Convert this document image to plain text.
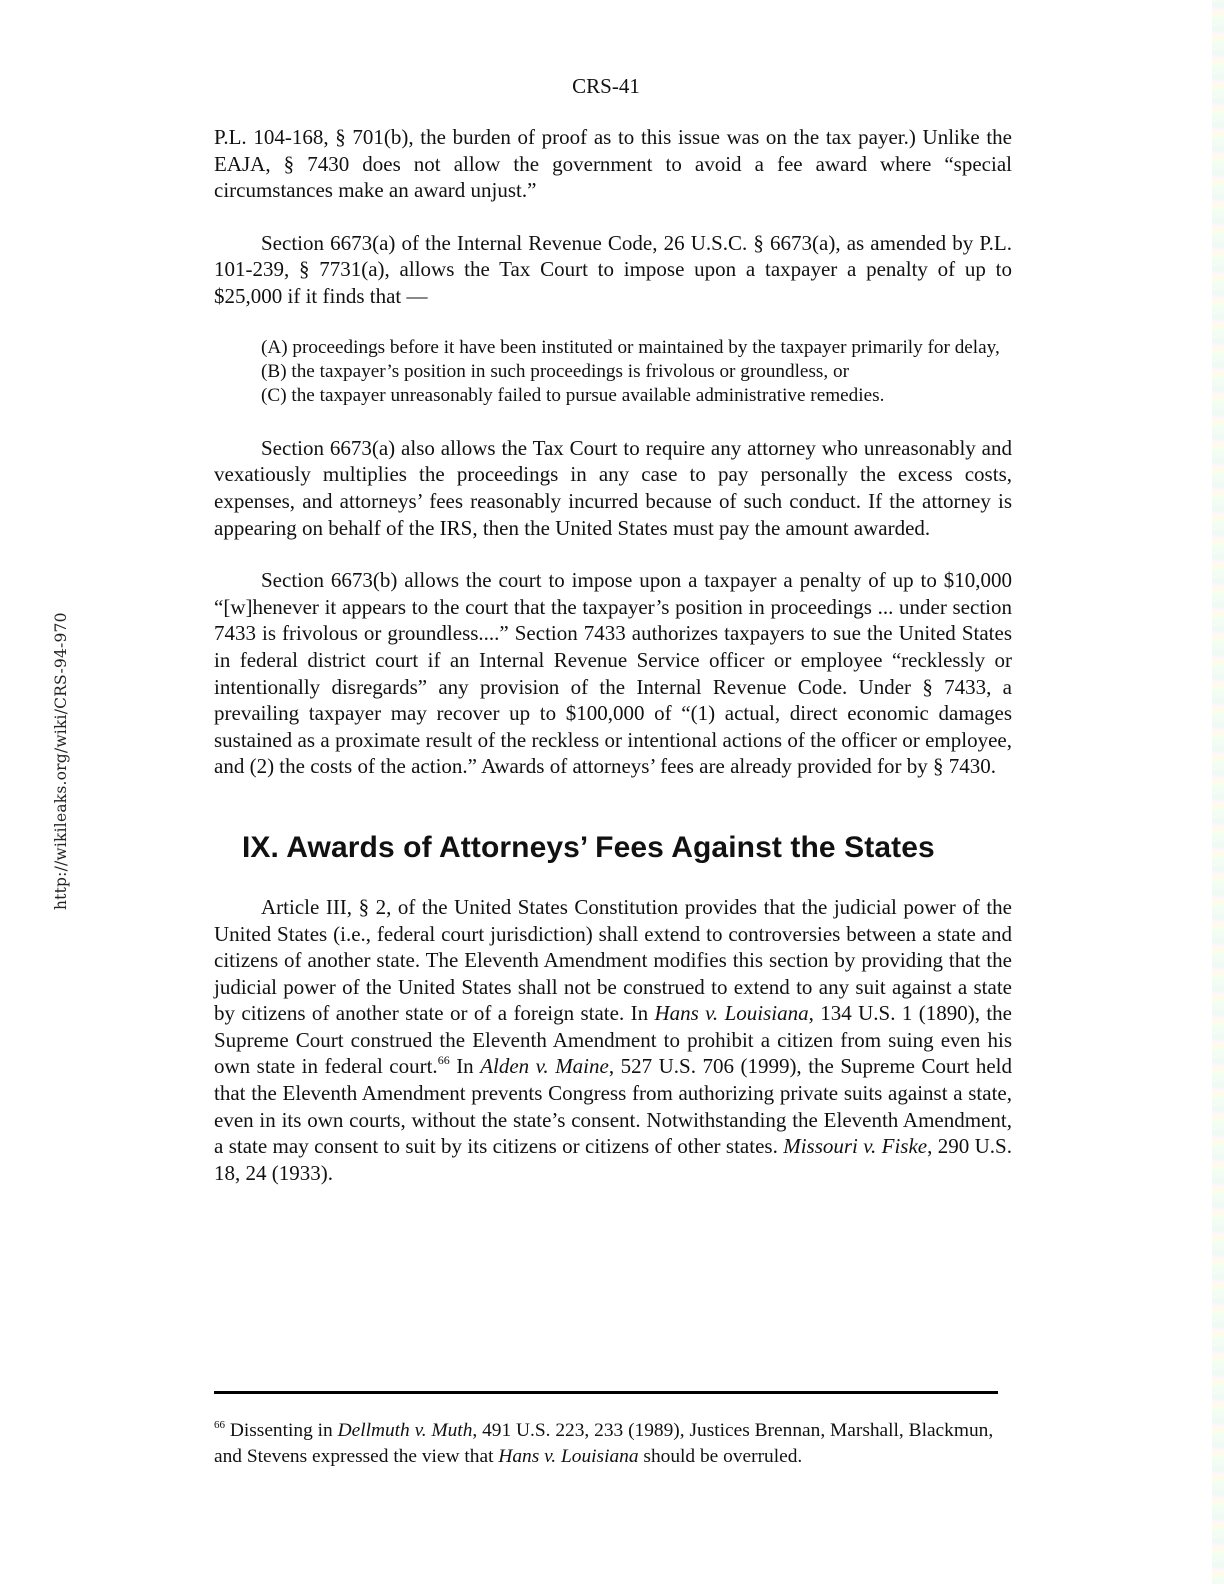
CRS-41
http://wikileaks.org/wiki/CRS-94-970

P.L. 104-168, § 701(b), the burden of proof as to this issue was on the tax payer.) Unlike the EAJA, § 7430 does not allow the government to avoid a fee award where “special circumstances make an award unjust.”

Section 6673(a) of the Internal Revenue Code, 26 U.S.C. § 6673(a), as amended by P.L. 101-239, § 7731(a), allows the Tax Court to impose upon a taxpayer a penalty of up to $25,000 if it finds that —

(A) proceedings before it have been instituted or maintained by the taxpayer primarily for delay,
(B) the taxpayer’s position in such proceedings is frivolous or groundless, or
(C) the taxpayer unreasonably failed to pursue available administrative remedies.

Section 6673(a) also allows the Tax Court to require any attorney who unreasonably and vexatiously multiplies the proceedings in any case to pay personally the excess costs, expenses, and attorneys’ fees reasonably incurred because of such conduct. If the attorney is appearing on behalf of the IRS, then the United States must pay the amount awarded.

Section 6673(b) allows the court to impose upon a taxpayer a penalty of up to $10,000 “[w]henever it appears to the court that the taxpayer’s position in proceedings ... under section 7433 is frivolous or groundless....” Section 7433 authorizes taxpayers to sue the United States in federal district court if an Internal Revenue Service officer or employee “recklessly or intentionally disregards” any provision of the Internal Revenue Code. Under § 7433, a prevailing taxpayer may recover up to $100,000 of “(1) actual, direct economic damages sustained as a proximate result of the reckless or intentional actions of the officer or employee, and (2) the costs of the action.” Awards of attorneys’ fees are already provided for by § 7430.

IX. Awards of Attorneys’ Fees Against the States

Article III, § 2, of the United States Constitution provides that the judicial power of the United States (i.e., federal court jurisdiction) shall extend to controversies between a state and citizens of another state. The Eleventh Amendment modifies this section by providing that the judicial power of the United States shall not be construed to extend to any suit against a state by citizens of another state or of a foreign state. In Hans v. Louisiana, 134 U.S. 1 (1890), the Supreme Court construed the Eleventh Amendment to prohibit a citizen from suing even his own state in federal court.$^{66}$ In Alden v. Maine, 527 U.S. 706 (1999), the Supreme Court held that the Eleventh Amendment prevents Congress from authorizing private suits against a state, even in its own courts, without the state’s consent. Notwithstanding the Eleventh Amendment, a state may consent to suit by its citizens or citizens of other states. Missouri v. Fiske, 290 U.S. 18, 24 (1933).

$^{66}$ Dissenting in Dellmuth v. Muth, 491 U.S. 223, 233 (1989), Justices Brennan, Marshall, Blackmun, and Stevens expressed the view that Hans v. Louisiana should be overruled.
